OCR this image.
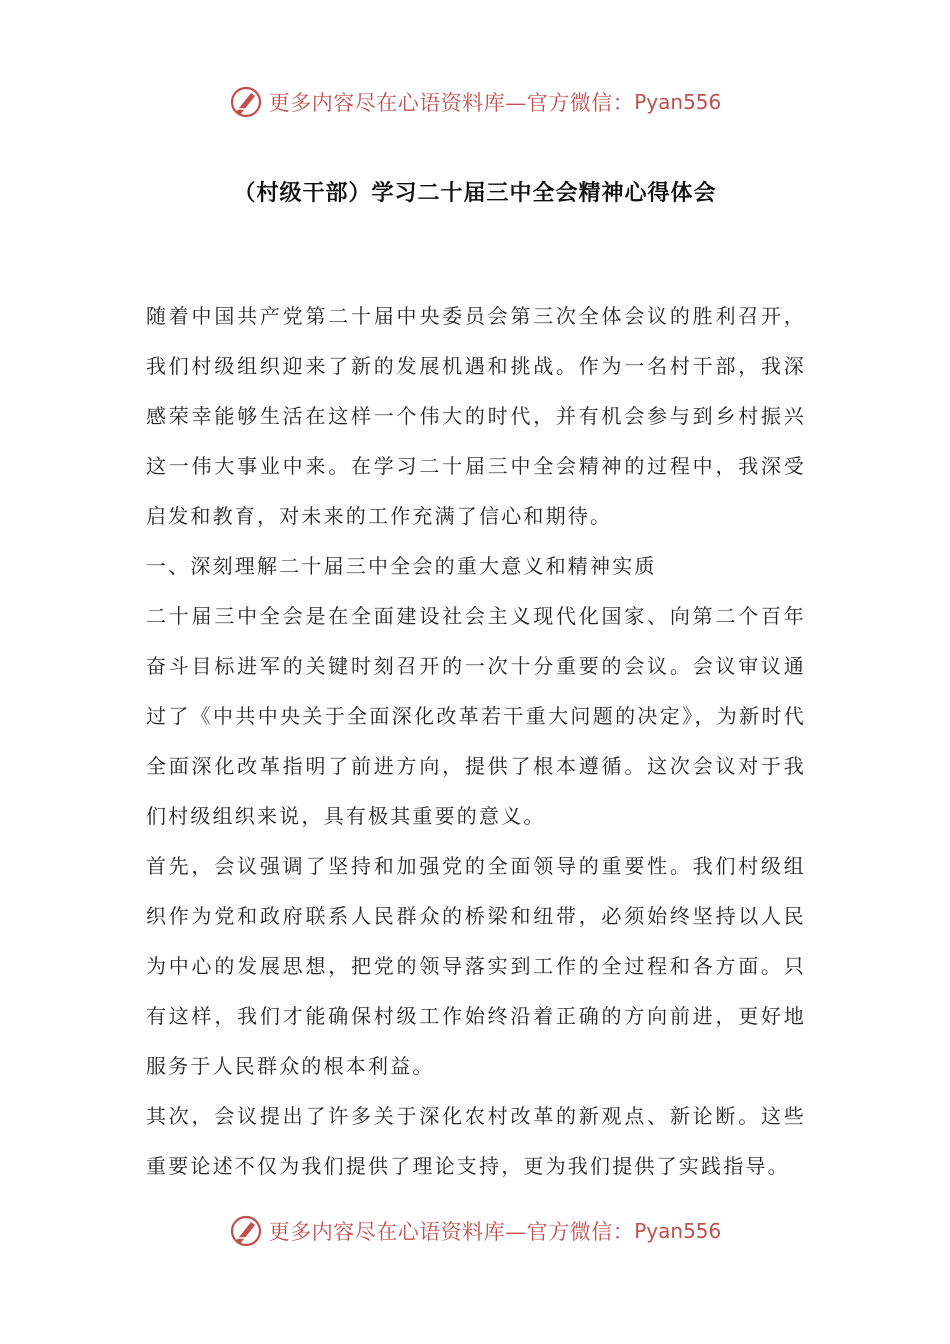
更多内容尽在心语资料库—官方微信： Pyan556
（村级干部）学习二十届三中全会精神心得体会

随着中国共产党第二十届中央委员会第三次全体会议的胜利召开，我们村级组织迎来了新的发展机遇和挑战。作为一名村干部，我深感荣幸能够生活在这样一个伟大的时代，并有机会参与到乡村振兴这一伟大事业中来。在学习二十届三中全会精神的过程中，我深受启发和教育，对未来的工作充满了信心和期待。

一、深刻理解二十届三中全会的重大意义和精神实质

二十届三中全会是在全面建设社会主义现代化国家、向第二个百年奋斗目标进军的关键时刻召开的一次十分重要的会议。会议审议通过了《中共中央关于全面深化改革若干重大问题的决定》，为新时代全面深化改革指明了前进方向，提供了根本遵循。这次会议对于我们村级组织来说，具有极其重要的意义。

首先，会议强调了坚持和加强党的全面领导的重要性。我们村级组织作为党和政府联系人民群众的桥梁和纽带，必须始终坚持以人民为中心的发展思想，把党的领导落实到工作的全过程和各方面。只有这样，我们才能确保村级工作始终沿着正确的方向前进，更好地服务于人民群众的根本利益。

其次，会议提出了许多关于深化农村改革的新观点、新论断。这些重要论述不仅为我们提供了理论支持，更为我们提供了实践指导。

更多内容尽在心语资料库—官方微信： Pyan556
